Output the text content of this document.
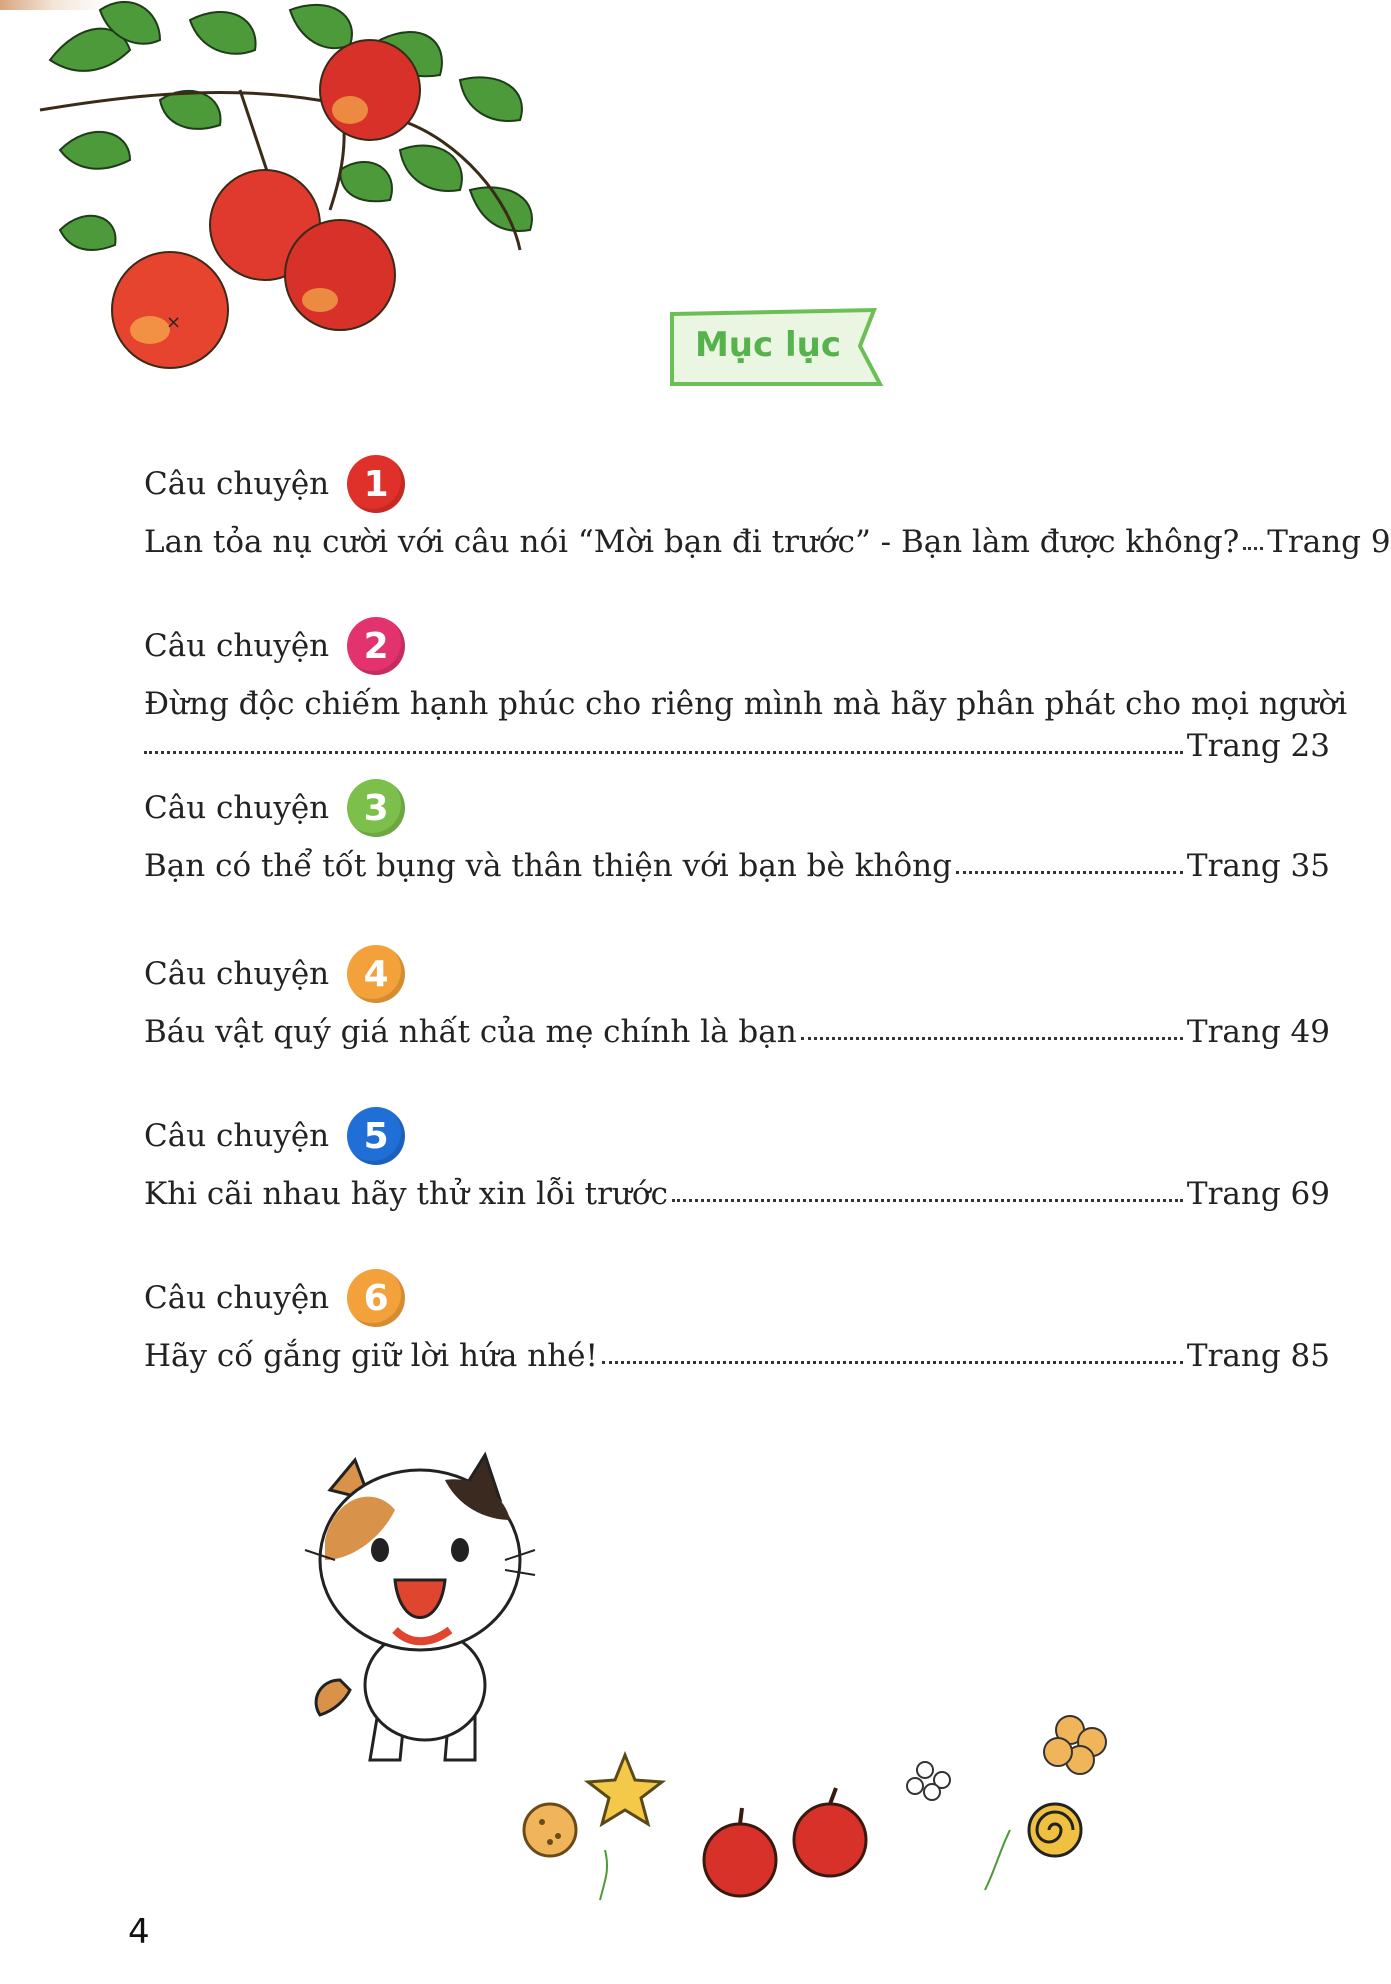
×
Mục lục
Câu chuyện 1
Lan tỏa nụ cười với câu nói “Mời bạn đi trước” - Bạn làm được không? Trang 9
Câu chuyện 2
Đừng độc chiếm hạnh phúc cho riêng mình mà hãy phân phát cho mọi người
Trang 23
Câu chuyện 3
Bạn có thể tốt bụng và thân thiện với bạn bè không	Trang 35
Câu chuyện 4
Báu vật quý giá nhất của mẹ chính là bạn	Trang 49
Câu chuyện 5
Khi cãi nhau hãy thử xin lỗi trước	Trang 69
Câu chuyện 6
Hãy cố gắng giữ lời hứa nhé!	Trang 85
4
